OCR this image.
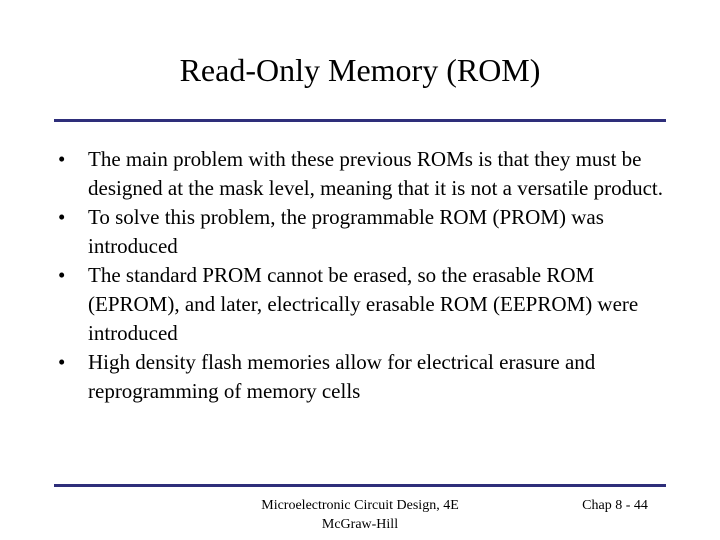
Read-Only Memory (ROM)
• The main problem with these previous ROMs is that they must be designed at the mask level, meaning that it is not a versatile product.
• To solve this problem, the programmable ROM (PROM) was introduced
• The standard PROM cannot be erased, so the erasable ROM (EPROM), and later, electrically erasable ROM (EEPROM) were introduced
• High density flash memories allow for electrical erasure and reprogramming of memory cells
Microelectronic Circuit Design, 4E
McGraw-Hill
Chap 8 - 44
